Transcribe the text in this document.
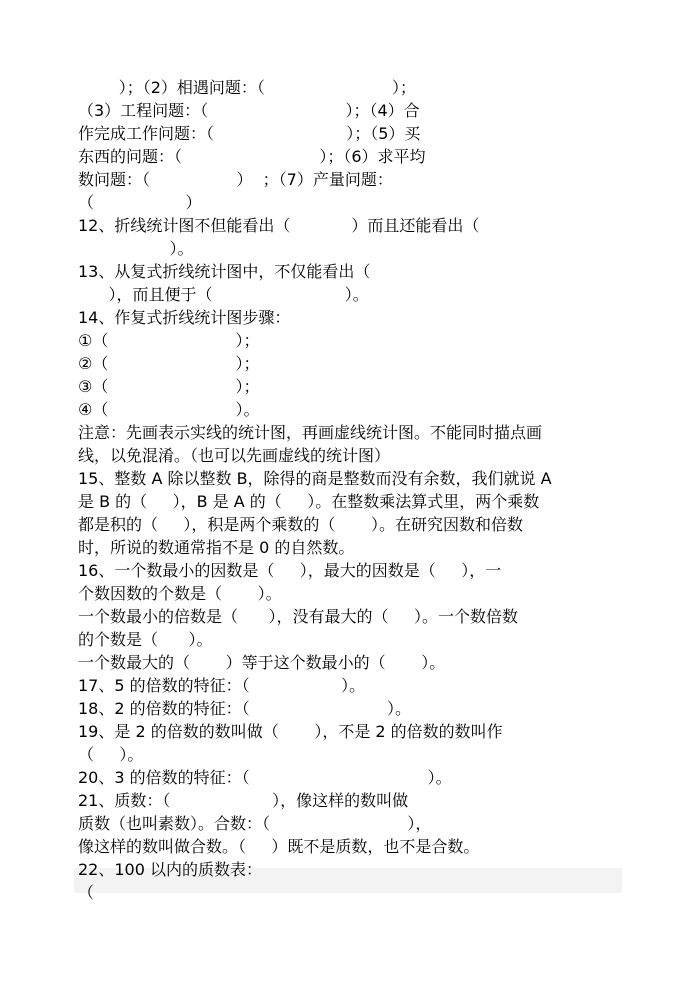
）；（2）相遇问题：（                         ）；

（3）工程问题：（                           ）；（4）合

作完成工作问题：（                          ）；（5）买

东西的问题：（                           ）；（6）求平均

数问题：（                 ）  ；（7）产量问题：

（                  ）

12、折线统计图不但能看出（            ）而且还能看出（

）。

13、从复式折线统计图中，不仅能看出（

），而且便于（                          ）。

14、作复式折线统计图步骤：

①（                         ）；

②（                         ）；

③（                         ）；

④（                         ）。

注意：先画表示实线的统计图，再画虚线统计图。不能同时描点画

线，以免混淆。（也可以先画虚线的统计图）

15、整数 A 除以整数 B，除得的商是整数而没有余数，我们就说 A

是 B 的（     ），B 是 A 的（     ）。在整数乘法算式里，两个乘数

都是积的（     ），积是两个乘数的（       ）。在研究因数和倍数

时，所说的数通常指不是 0 的自然数。

16、一个数最小的因数是（     ），最大的因数是（     ），一

个数因数的个数是（       ）。

一个数最小的倍数是（      ），没有最大的（     ）。一个数倍数

的个数是（      ）。

一个数最大的（       ）等于这个数最小的（       ）。

17、5 的倍数的特征：（                  ）。

18、2 的倍数的特征：（                           ）。

19、是 2 的倍数的数叫做（       ），不是 2 的倍数的数叫作

（     ）。

20、3 的倍数的特征：（                                   ）。

21、质数：（                    ），像这样的数叫做

质数（也叫素数）。合数：（                           ），

像这样的数叫做合数。（     ）既不是质数，也不是合数。

22、100 以内的质数表：

（
